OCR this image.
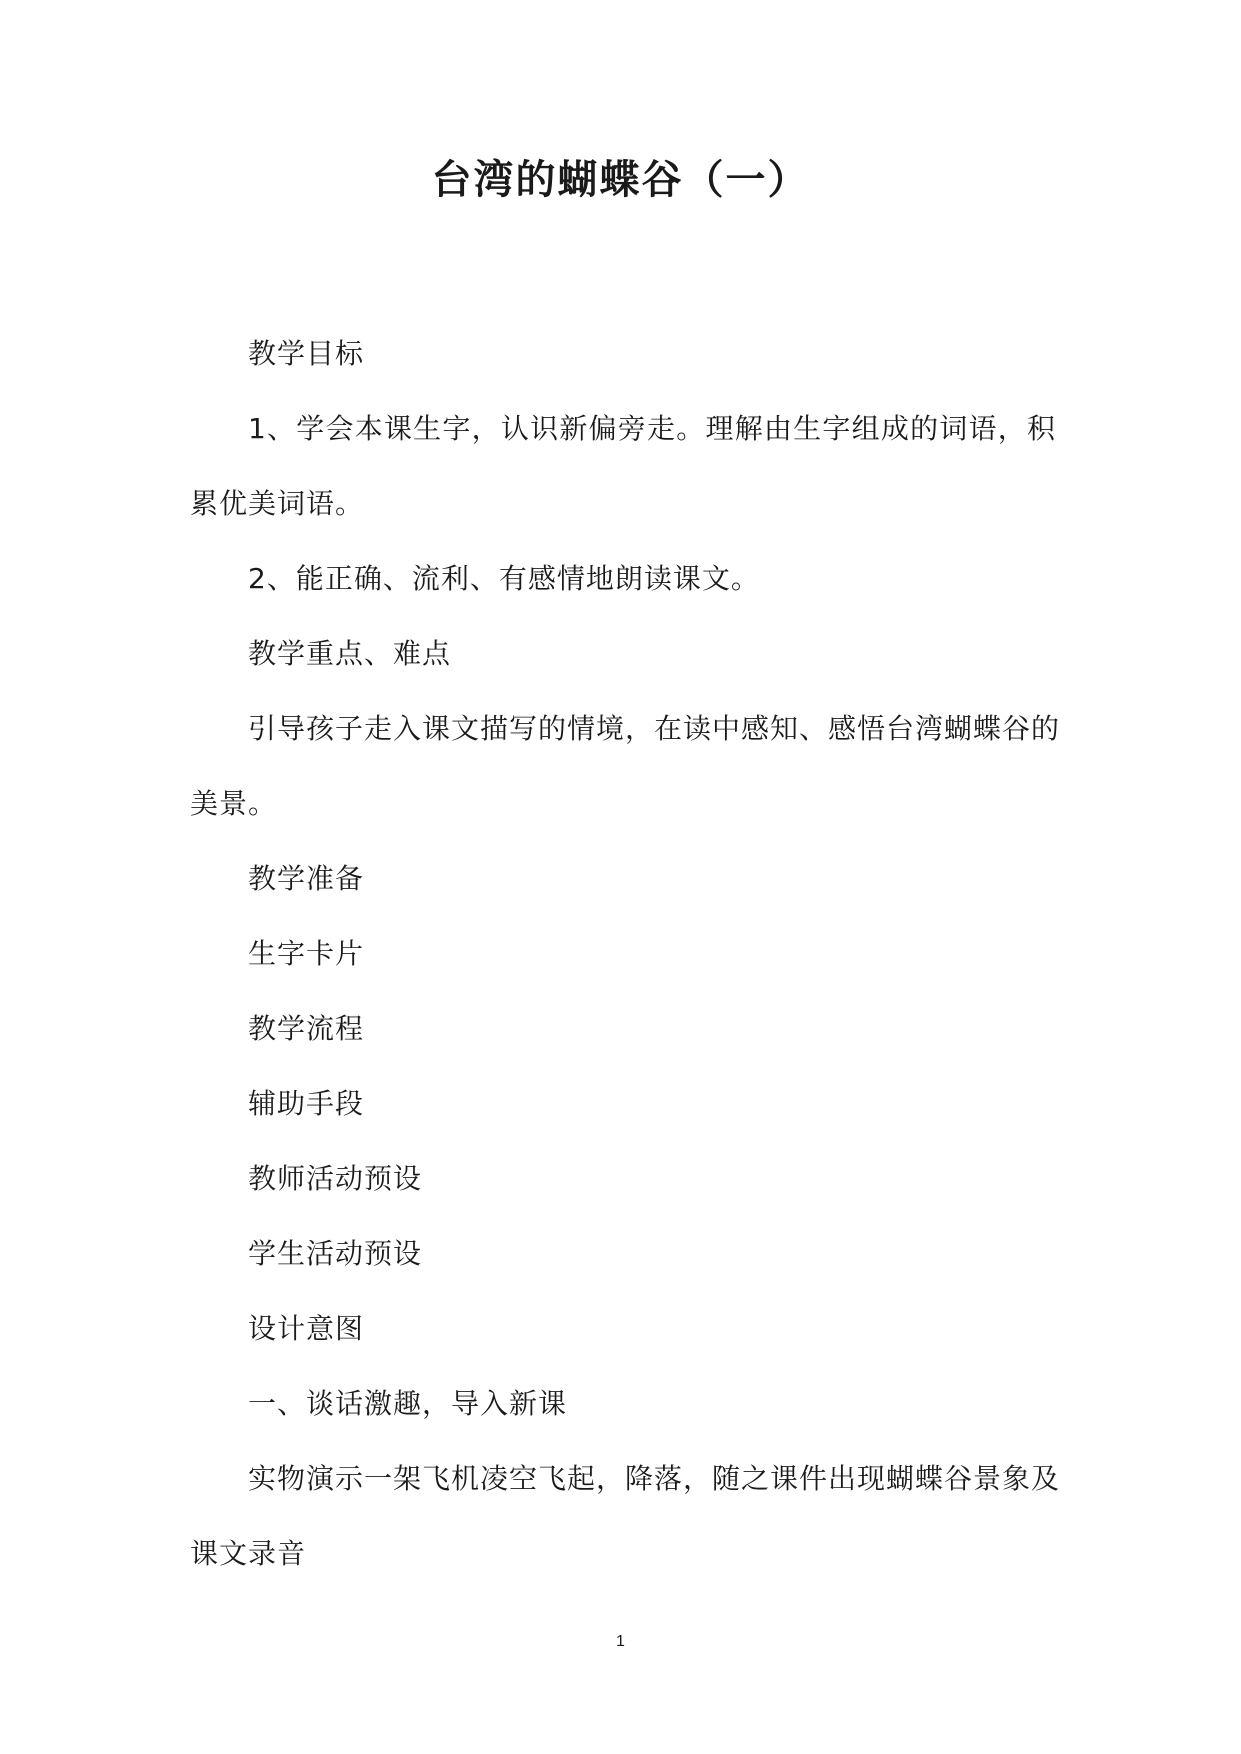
台湾的蝴蝶谷（一）
教学目标
1、学会本课生字，认识新偏旁走。理解由生字组成的词语，积
累优美词语。
2、能正确、流利、有感情地朗读课文。
教学重点、难点
引导孩子走入课文描写的情境，在读中感知、感悟台湾蝴蝶谷的
美景。
教学准备
生字卡片
教学流程
辅助手段
教师活动预设
学生活动预设
设计意图
一、谈话激趣，导入新课
实物演示一架飞机凌空飞起，降落，随之课件出现蝴蝶谷景象及
课文录音
1
